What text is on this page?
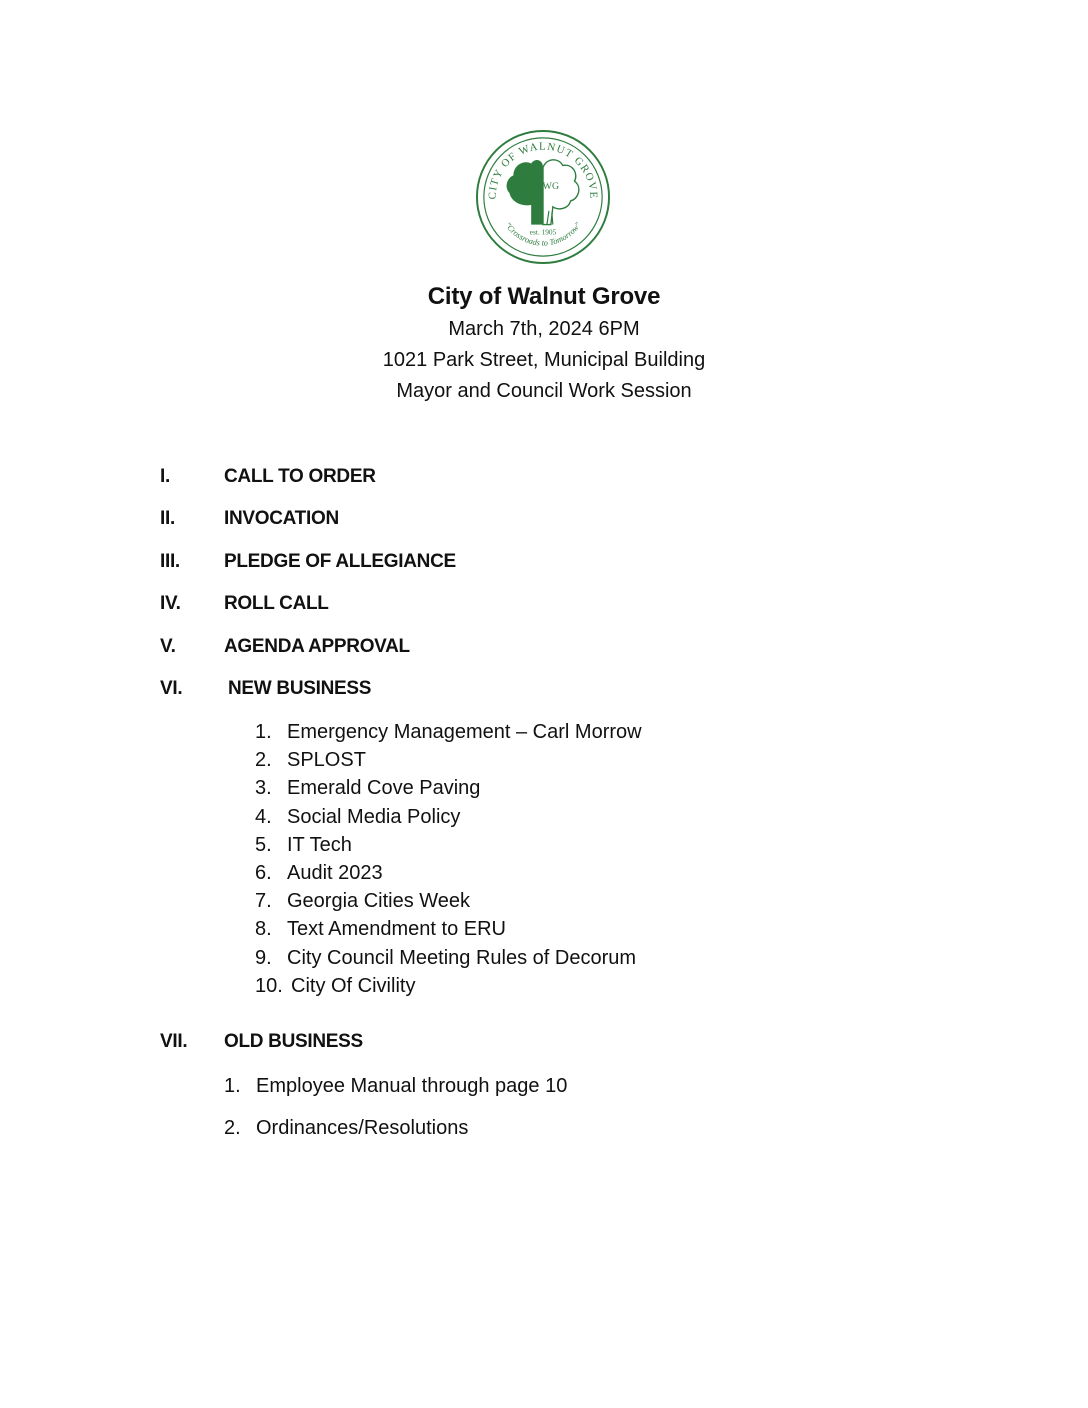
CITY OF WALNUT GROVE
WG
est. 1905
"Crossroads to Tomorrow"

City of Walnut Grove

March 7th, 2024 6PM

1021 Park Street, Municipal Building

Mayor and Council Work Session

I.	CALL TO ORDER
II.	INVOCATION
III. PLEDGE OF ALLEGIANCE
IV. ROLL CALL
V.	AGENDA APPROVAL
VI. NEW BUSINESS
1. Emergency Management – Carl Morrow
2. SPLOST
3. Emerald Cove Paving
4. Social Media Policy
5. IT Tech
6. Audit 2023
7. Georgia Cities Week
8. Text Amendment to ERU
9. City Council Meeting Rules of Decorum
10. City Of Civility
VII. OLD BUSINESS
1. Employee Manual through page 10
2. Ordinances/Resolutions
